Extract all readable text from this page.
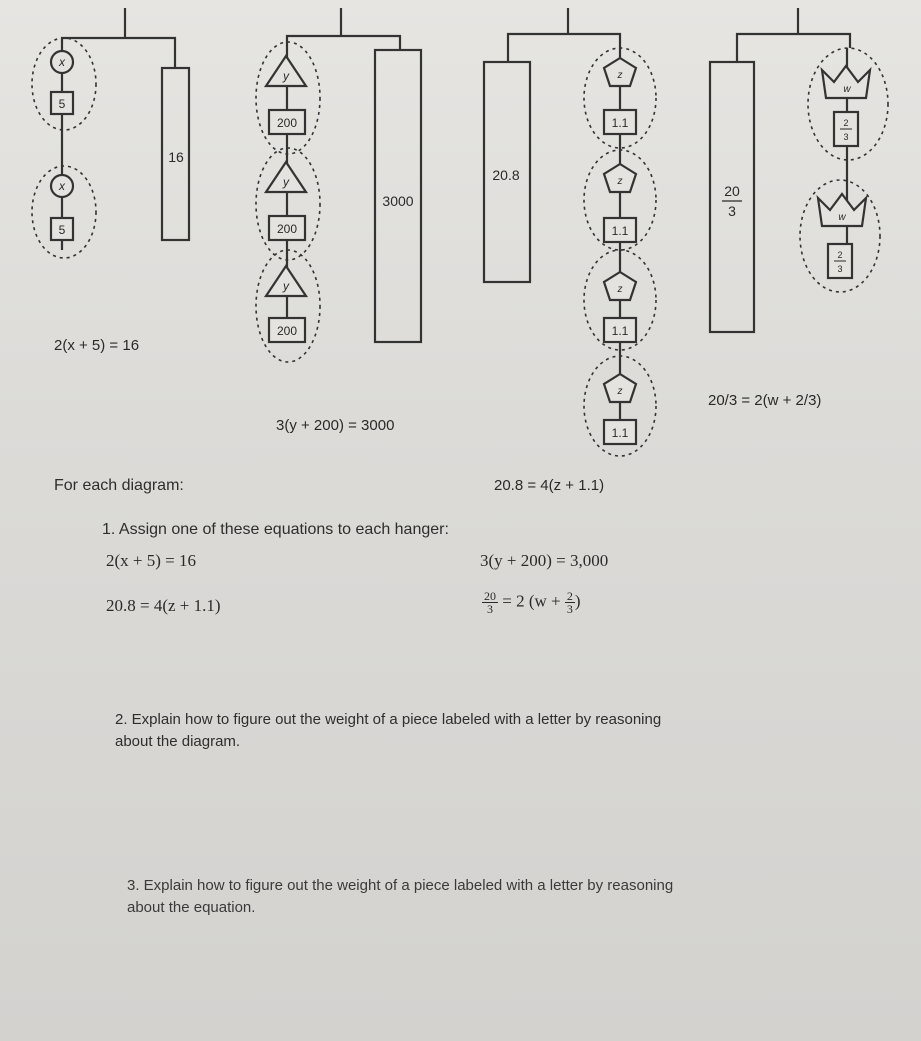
x
5
x
5
16
y
200
y
200
y
200
3000
z
1.1
z
1.1
z
1.1
z
1.1
20.8
w
2
3
w
2
3
20
3
2(x + 5) = 16
3(y + 200) = 3000
20.8 = 4(z + 1.1)
20/3 = 2(w + 2/3)
For each diagram:
1. Assign one of these equations to each hanger:
2(x + 5) = 16	3(y + 200) = 3,000
20.8 = 4(z + 1.1)	$\frac{20}{3} = 2$ ($w + \frac{2}{3}$ )
2. Explain how to figure out the weight of a piece labeled with a letter by reasoning
about the diagram.
3. Explain how to figure out the weight of a piece labeled with a letter by reasoning
about the equation.
